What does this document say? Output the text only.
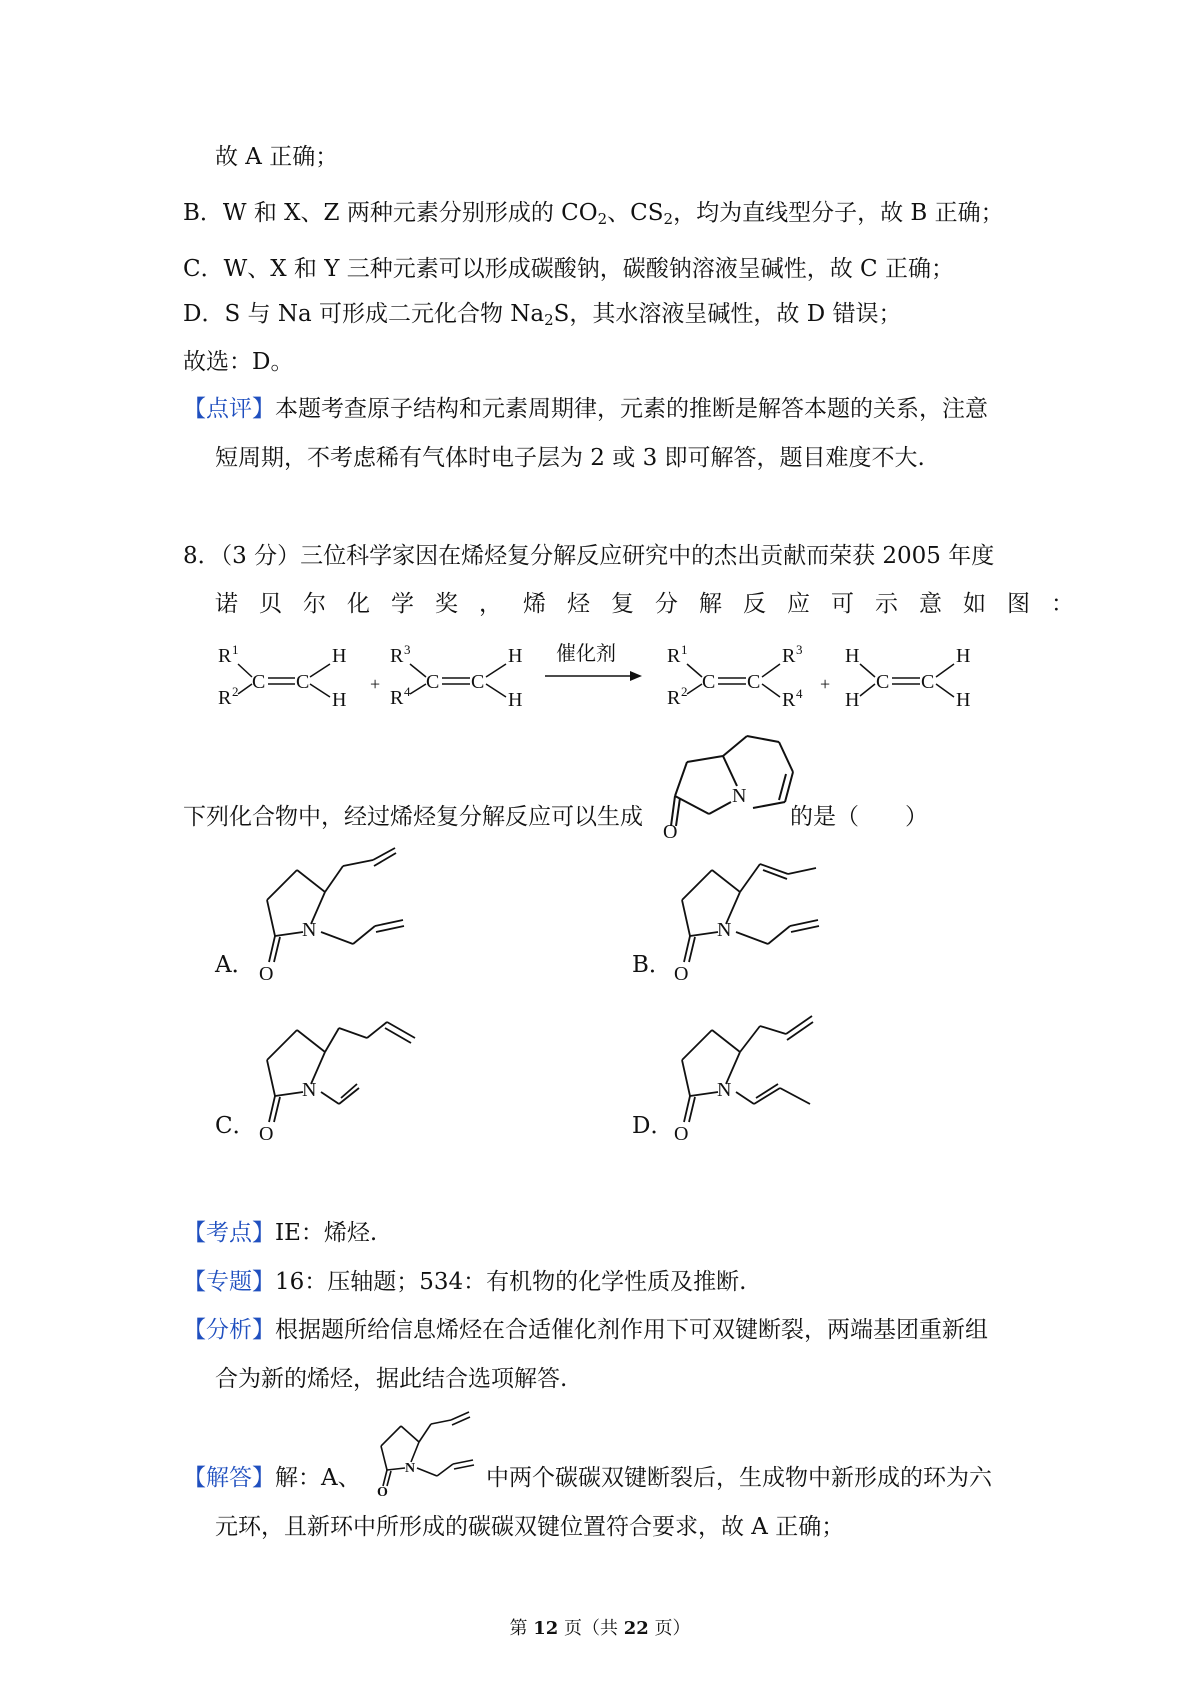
故 A 正确；
B．W 和 X、Z 两种元素分别形成的 $CO_2$、$CS_2$，均为直线型分子，故 B 正确；
C．W、X 和 Y 三种元素可以形成碳酸钠，碳酸钠溶液呈碱性，故 C 正确；
D．S 与 Na 可形成二元化合物 $Na_2S$，其水溶液呈碱性，故 D 错误；
故选：D。
【点评】本题考查原子结构和元素周期律，元素的推断是解答本题的关系，注意
短周期，不考虑稀有气体时电子层为 2 或 3 即可解答，题目难度不大.
8．（3 分）三位科学家因在烯烃复分解反应研究中的杰出贡献而荣获 2005 年度
诺贝尔化学奖，烯烃复分解反应可示意如图：
R 1
R 2 C C
H
H
+
R 3
R 4 C C
H
H
催化剂	R 1
R 2 C C
R 3
R 4 +
H
H
C C
H
H
N
O
下列化合物中，经过烯烃复分解反应可以生成	的是（　　）
N
O
A．
N
O
B．
N
O
C．
N
O
D．
【考点】IE：烯烃.
【专题】16：压轴题；534：有机物的化学性质及推断.
【分析】根据题所给信息烯烃在合适催化剂作用下可双键断裂，两端基团重新组
合为新的烯烃，据此结合选项解答.
N
O
【解答】解：A、	中两个碳碳双键断裂后，生成物中新形成的环为六
元环，且新环中所形成的碳碳双键位置符合要求，故 A 正确；
第 12 页（共 22 页）
